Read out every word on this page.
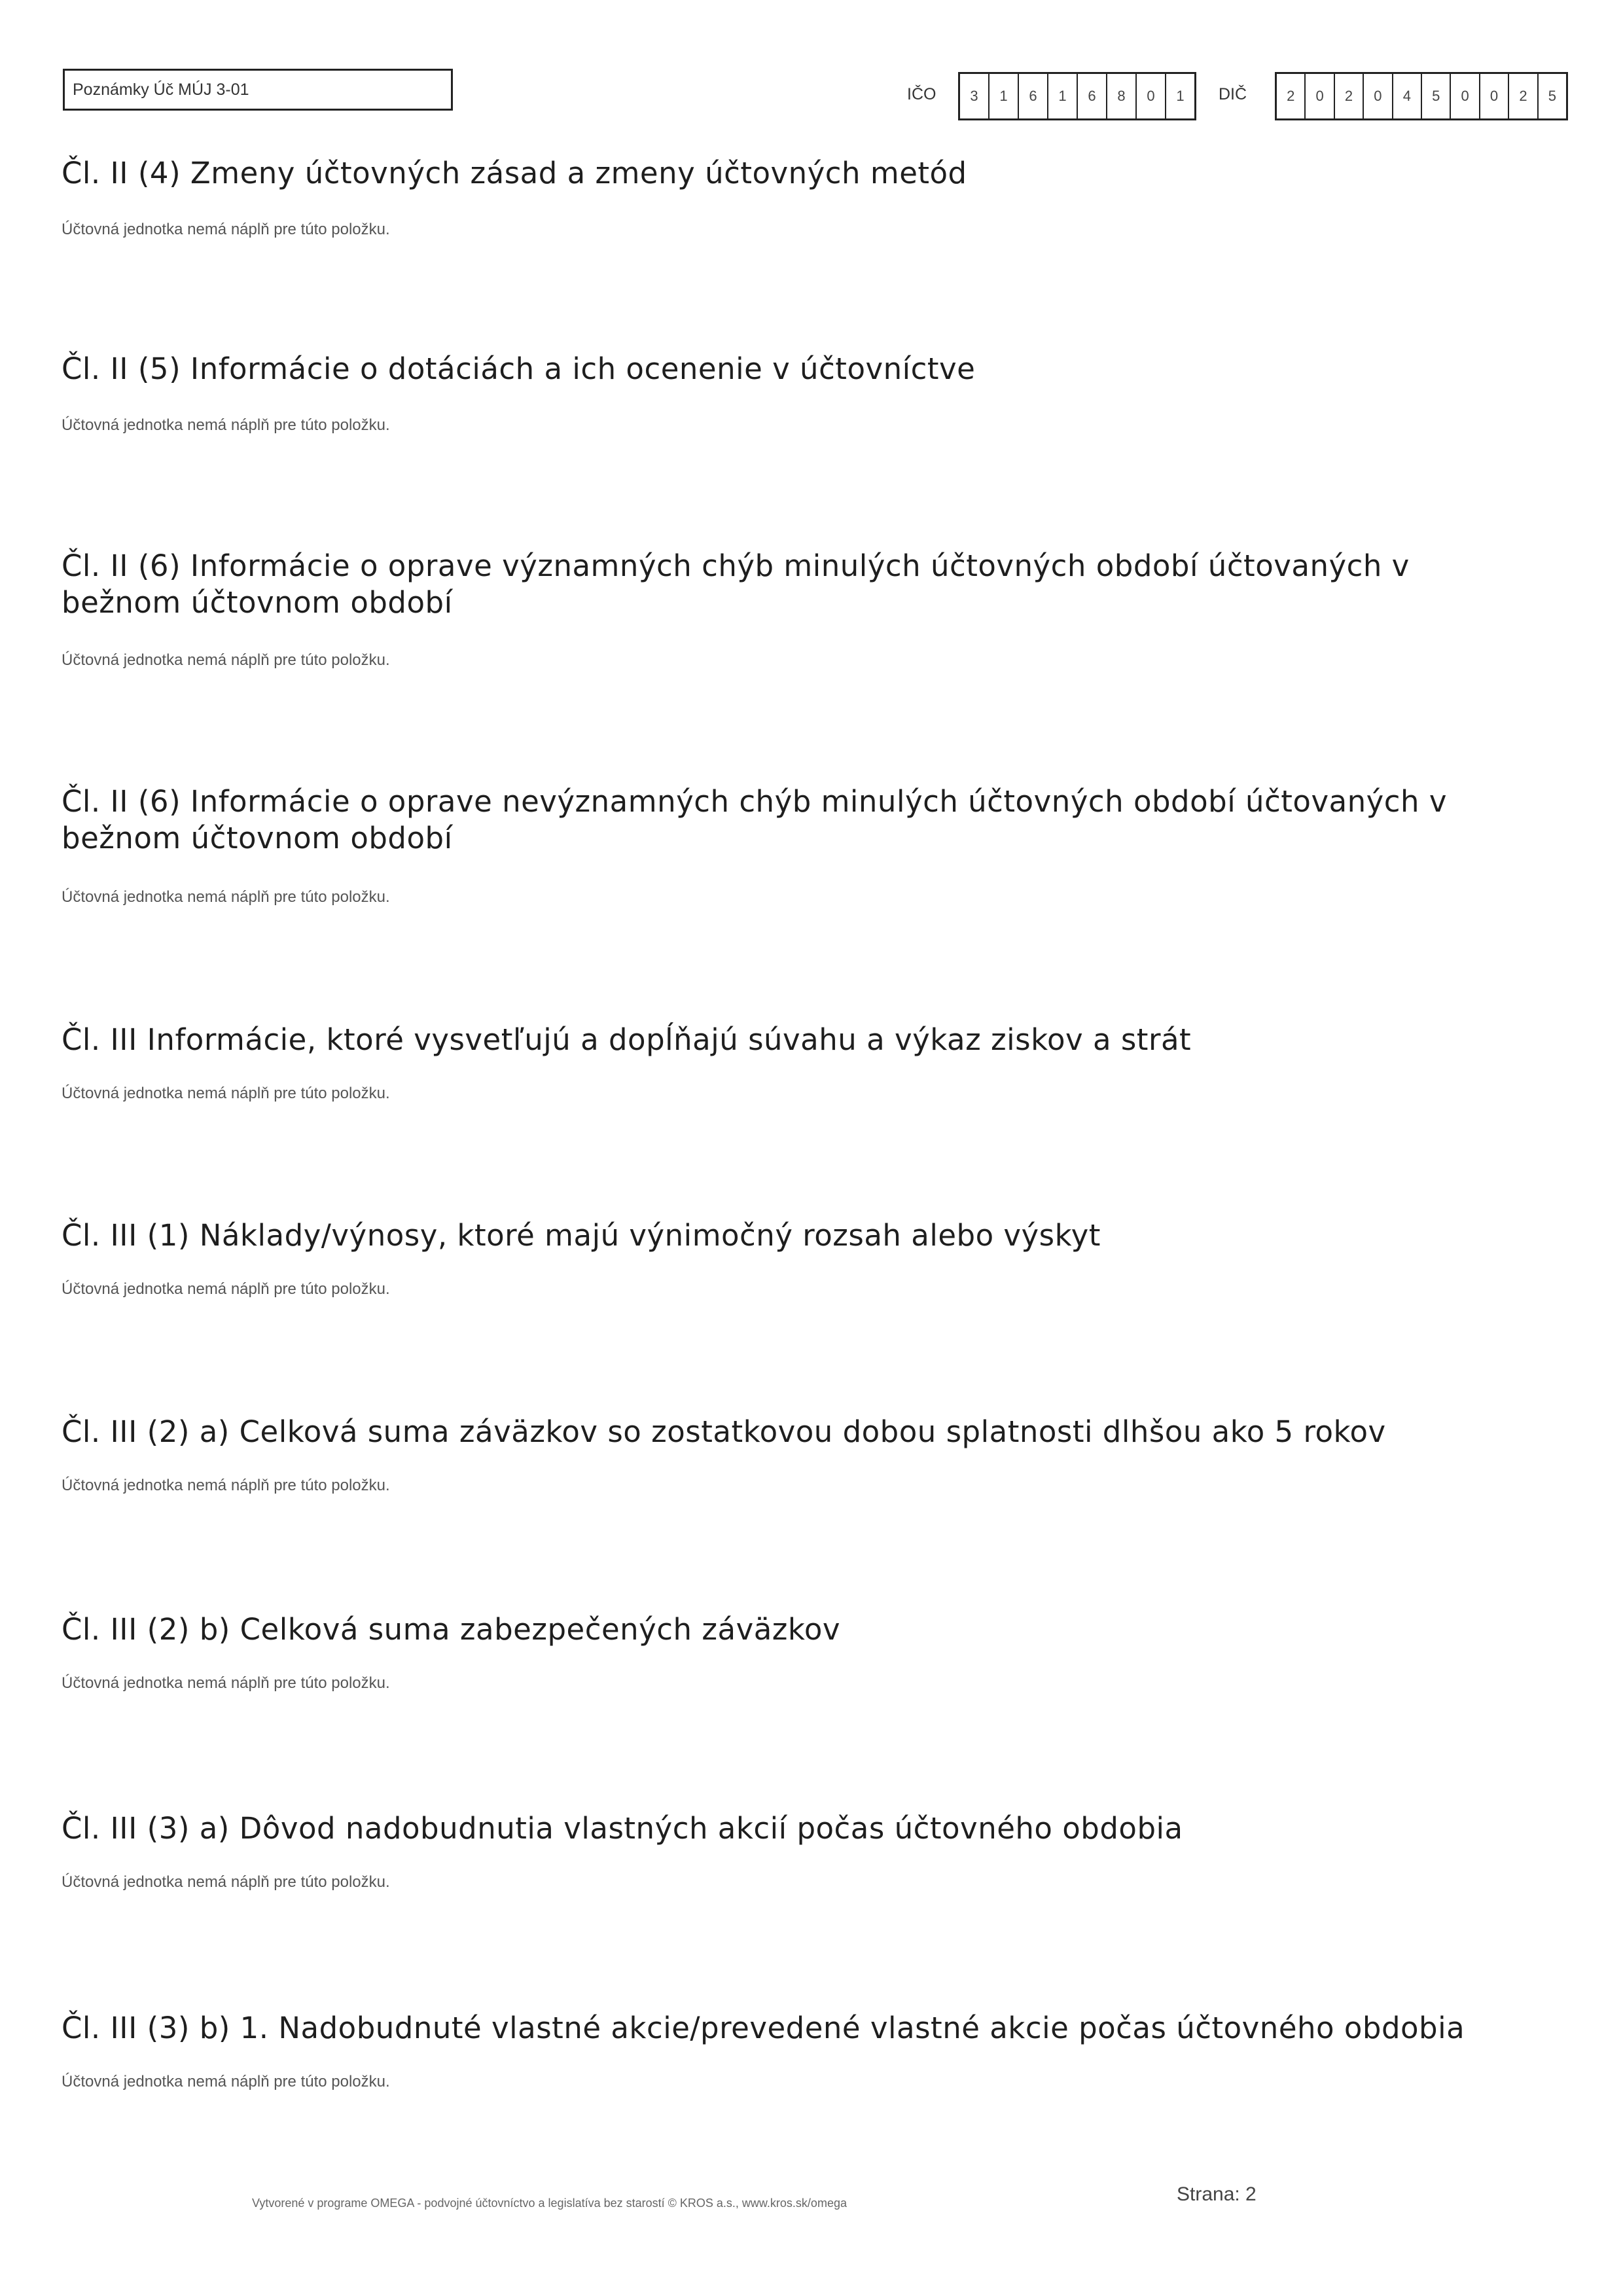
Poznámky Úč MÚJ 3-01	IČO	3	1	6	1	6	8	0	1	DIČ	2	0	2	0	4	5	0	0	2	5
Čl. II (4) Zmeny účtovných zásad a zmeny účtovných metód

Účtovná jednotka nemá náplň pre túto položku.

Čl. II (5) Informácie o dotáciách a ich ocenenie v účtovníctve

Účtovná jednotka nemá náplň pre túto položku.

Čl. II (6) Informácie o oprave významných chýb minulých účtovných období účtovaných v
bežnom účtovnom období

Účtovná jednotka nemá náplň pre túto položku.

Čl. II (6) Informácie o oprave nevýznamných chýb minulých účtovných období účtovaných v
bežnom účtovnom období

Účtovná jednotka nemá náplň pre túto položku.

Čl. III Informácie, ktoré vysvetľujú a dopĺňajú súvahu a výkaz ziskov a strát

Účtovná jednotka nemá náplň pre túto položku.

Čl. III (1) Náklady/výnosy, ktoré majú výnimočný rozsah alebo výskyt

Účtovná jednotka nemá náplň pre túto položku.

Čl. III (2) a) Celková suma záväzkov so zostatkovou dobou splatnosti dlhšou ako 5 rokov

Účtovná jednotka nemá náplň pre túto položku.

Čl. III (2) b) Celková suma zabezpečených záväzkov

Účtovná jednotka nemá náplň pre túto položku.

Čl. III (3) a) Dôvod nadobudnutia vlastných akcií počas účtovného obdobia

Účtovná jednotka nemá náplň pre túto položku.

Čl. III (3) b) 1. Nadobudnuté vlastné akcie/prevedené vlastné akcie počas účtovného obdobia

Účtovná jednotka nemá náplň pre túto položku.

Vytvorené v programe OMEGA - podvojné účtovníctvo a legislatíva bez starostí © KROS a.s., www.kros.sk/omega	Strana: 2
